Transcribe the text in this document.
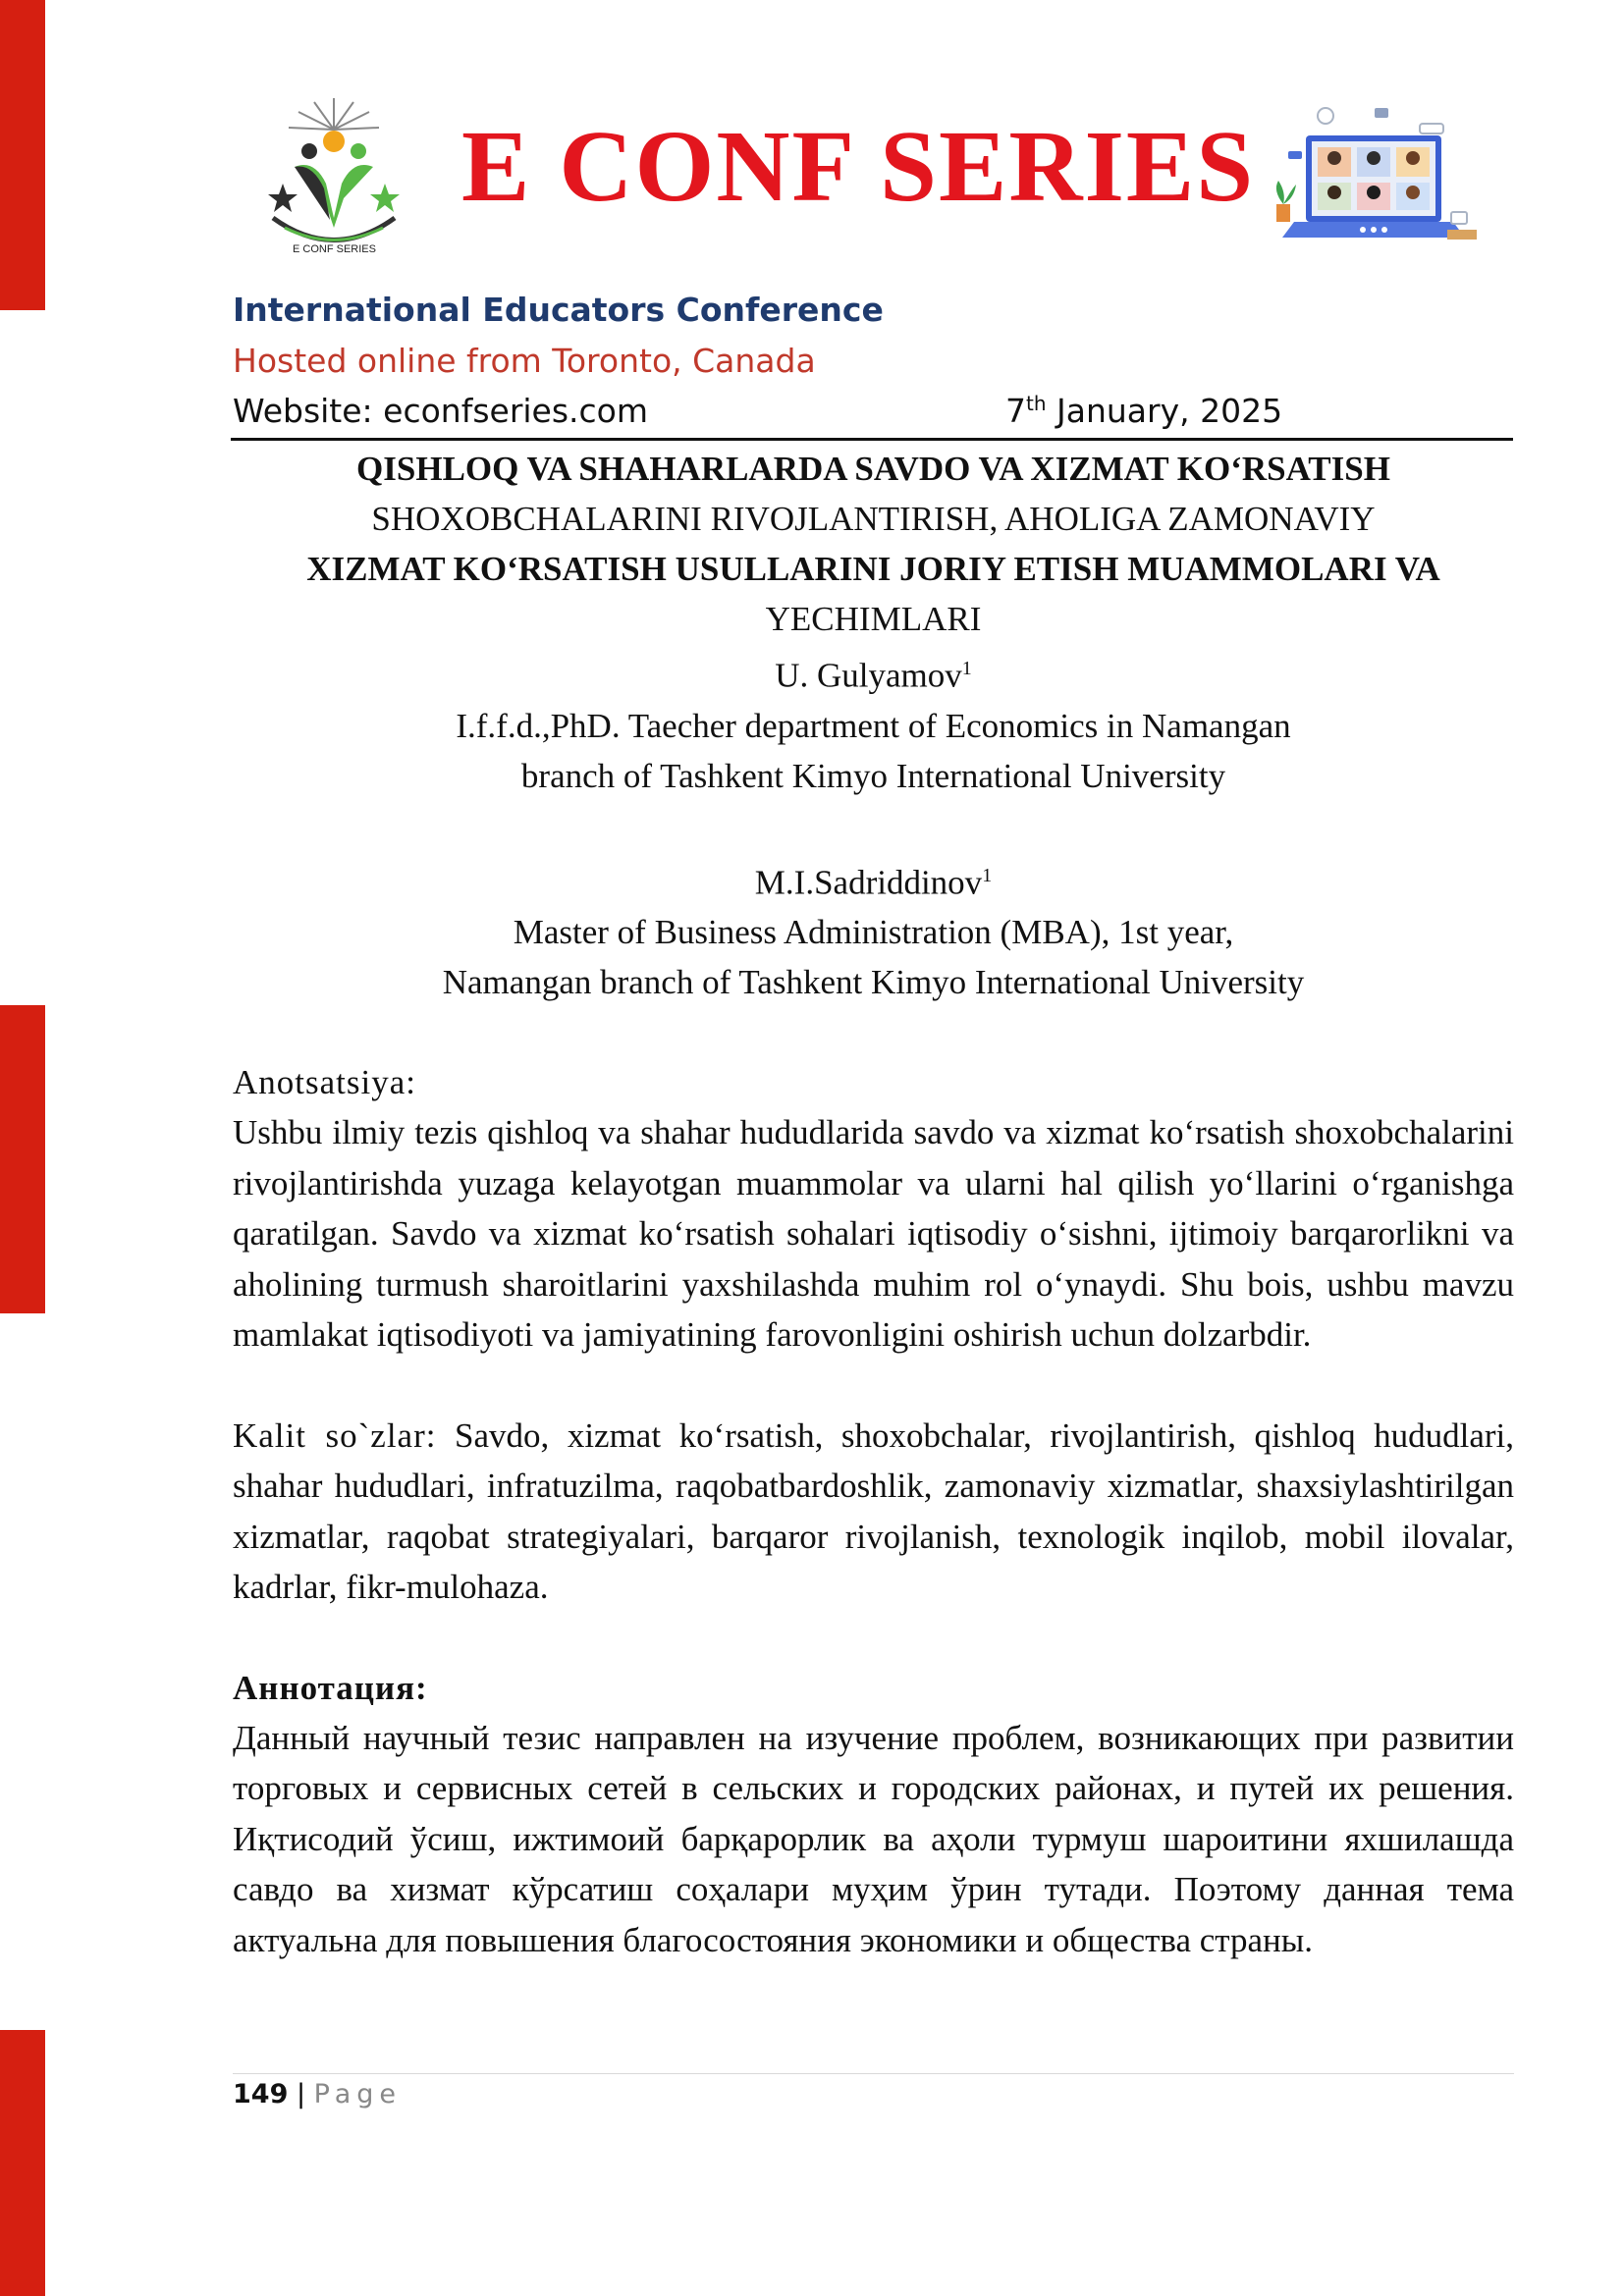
E CONF SERIES
E CONF SERIES
International Educators Conference
Hosted online from Toronto, Canada
Website: econfseries.com	7th January, 2025

QISHLOQ VA SHAHARLARDA SAVDO VA XIZMAT KO‘RSATISH

SHOXOBCHALARINI RIVOJLANTIRISH, AHOLIGA ZAMONAVIY

XIZMAT KO‘RSATISH USULLARINI JORIY ETISH MUAMMOLARI VA

YECHIMLARI

U. Gulyamov$^1$

I.f.f.d.,PhD. Taecher department of Economics in Namangan

branch of Tashkent Kimyo International University

M.I.Sadriddinov$^1$

Master of Business Administration (MBA), 1st year,

Namangan branch of Tashkent Kimyo International University

Anotsatsiya:

Ushbu ilmiy tezis qishloq va shahar hududlarida savdo va xizmat ko‘rsatish shoxobchalarini rivojlantirishda yuzaga kelayotgan muammolar va ularni hal qilish yo‘llarini o‘rganishga qaratilgan. Savdo va xizmat ko‘rsatish sohalari iqtisodiy o‘sishni, ijtimoiy barqarorlikni va aholining turmush sharoitlarini yaxshilashda muhim rol o‘ynaydi. Shu bois, ushbu mavzu mamlakat iqtisodiyoti va jamiyatining farovonligini oshirish uchun dolzarbdir.

Kalit so`zlar: Savdo, xizmat ko‘rsatish, shoxobchalar, rivojlantirish, qishloq hududlari, shahar hududlari, infratuzilma, raqobatbardoshlik, zamonaviy xizmatlar, shaxsiylashtirilgan xizmatlar, raqobat strategiyalari, barqaror rivojlanish, texnologik inqilob, mobil ilovalar, kadrlar, fikr-mulohaza.

Аннотация:

Данный научный тезис направлен на изучение проблем, возникающих при развитии торговых и сервисных сетей в сельских и городских районах, и путей их решения. Иқтисодий ўсиш, ижтимоий барқарорлик ва аҳоли турмуш шароитини яхшилашда савдо ва хизмат кўрсатиш соҳалари муҳим ўрин тутади. Поэтому данная тема актуальна для повышения благосостояния экономики и общества страны.

149 | Page
